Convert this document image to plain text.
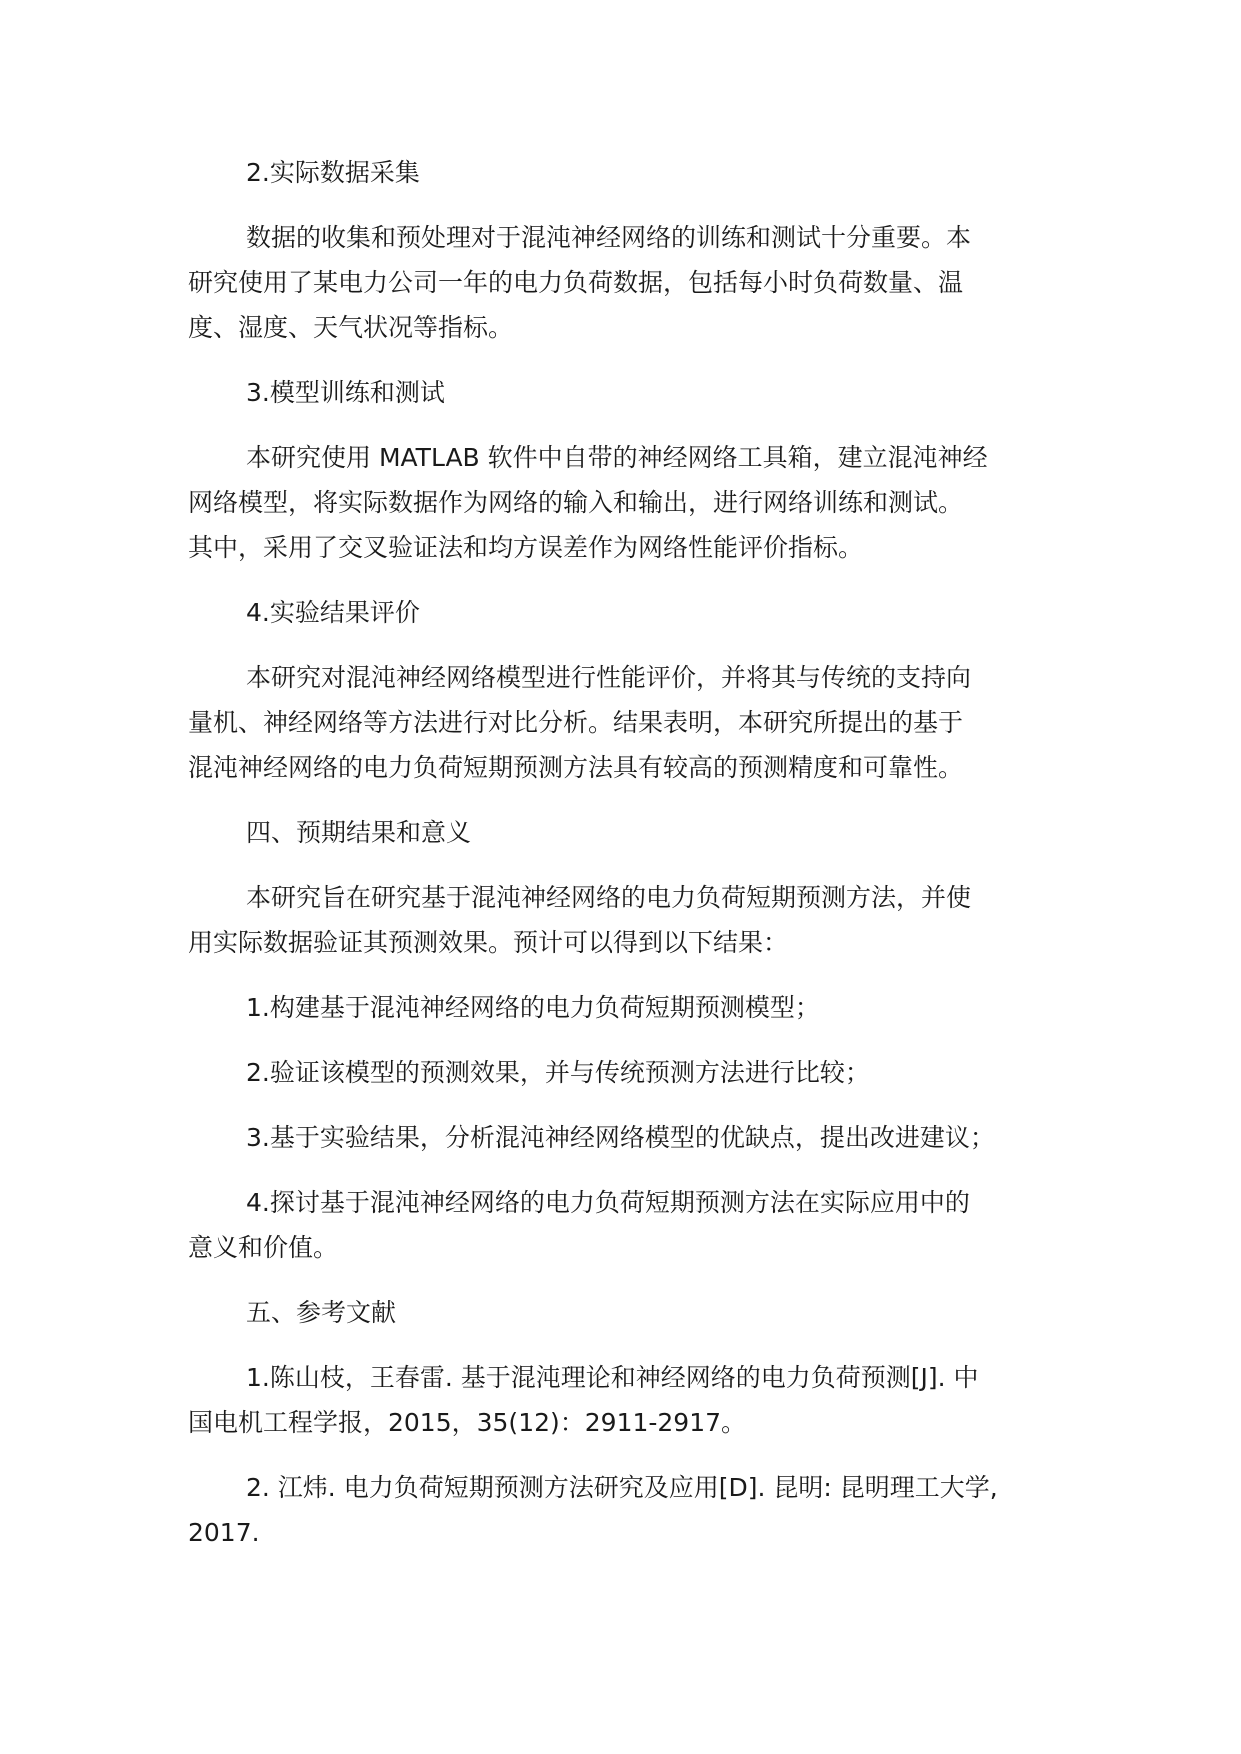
2.实际数据采集

数据的收集和预处理对于混沌神经网络的训练和测试十分重要。本
研究使用了某电力公司一年的电力负荷数据，包括每小时负荷数量、温
度、湿度、天气状况等指标。

3.模型训练和测试

本研究使用 MATLAB 软件中自带的神经网络工具箱，建立混沌神经
网络模型，将实际数据作为网络的输入和输出，进行网络训练和测试。
其中，采用了交叉验证法和均方误差作为网络性能评价指标。

4.实验结果评价

本研究对混沌神经网络模型进行性能评价，并将其与传统的支持向
量机、神经网络等方法进行对比分析。结果表明，本研究所提出的基于
混沌神经网络的电力负荷短期预测方法具有较高的预测精度和可靠性。

四、预期结果和意义

本研究旨在研究基于混沌神经网络的电力负荷短期预测方法，并使
用实际数据验证其预测效果。预计可以得到以下结果：

1.构建基于混沌神经网络的电力负荷短期预测模型；

2.验证该模型的预测效果，并与传统预测方法进行比较；

3.基于实验结果，分析混沌神经网络模型的优缺点，提出改进建议；

4.探讨基于混沌神经网络的电力负荷短期预测方法在实际应用中的
意义和价值。

五、参考文献

1.陈山枝，王春雷. 基于混沌理论和神经网络的电力负荷预测[J]. 中
国电机工程学报，2015，35(12)：2911-2917。

2. 江炜. 电力负荷短期预测方法研究及应用[D]. 昆明: 昆明理工大学,
2017.
